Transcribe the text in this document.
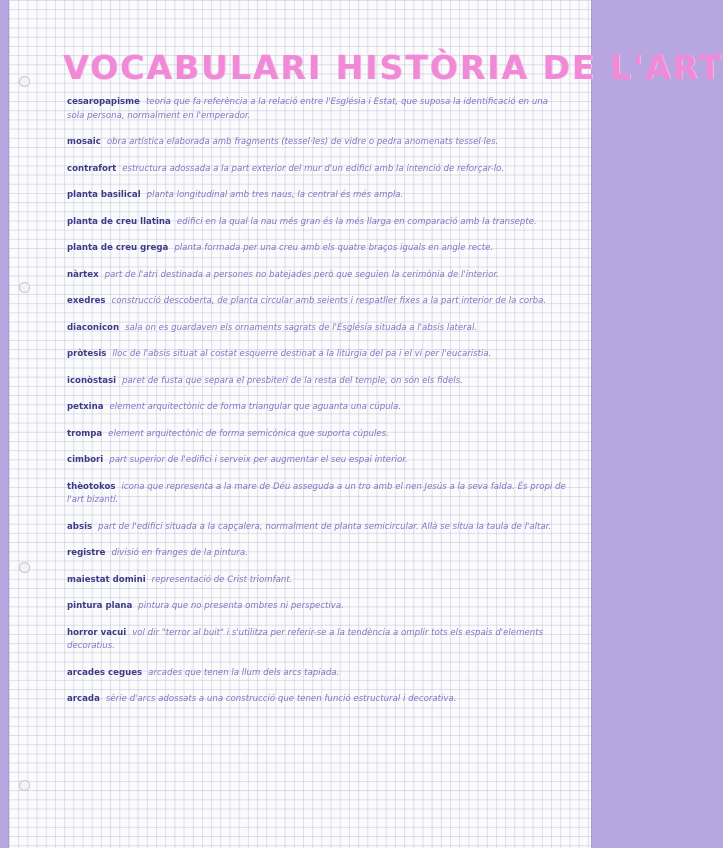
VOCABULARI HISTÒRIA DE L'ART
cesaropapisme teoria que fa referència a la relació entre l'Església i Estat, que suposa la identificació en una sola persona, normalment en l'emperador.
mosaic obra artística elaborada amb fragments (tessel·les) de vidre o pedra anomenats tessel·les.
contrafort estructura adossada a la part exterior del mur d'un edifici amb la intenció de reforçar-lo.
planta basilical planta longitudinal amb tres naus, la central és més ampla.
planta de creu llatina edifici en la qual la nau més gran és la més llarga en comparació amb la transepte.
planta de creu grega planta formada per una creu amb els quatre braços iguals en angle recte.
nàrtex part de l'atri destinada a persones no batejades però que seguien la cerimònia de l'interior.
exedres construcció descoberta, de planta circular amb seients i respatller fixes a la part interior de la corba.
diaconicon sala on es guardaven els ornaments sagrats de l'Església situada a l'absis lateral.
pròtesis lloc de l'absis situat al costat esquerre destinat a la litúrgia del pa i el vi per l'eucaristia.
iconòstasi paret de fusta que separa el presbiteri de la resta del temple, on són els fidels.
petxina element arquitectònic de forma triangular que aguanta una cúpula.
trompa element arquitectònic de forma semicònica que suporta cúpules.
cimbori part superior de l'edifici i serveix per augmentar el seu espai interior.
thèotokos icona que representa a la mare de Déu asseguda a un tro amb el nen Jesús a la seva falda. És propi de l'art bizantí.
absis part de l'edifici situada a la capçalera, normalment de planta semicircular. Allà se situa la taula de l'altar.
registre divisió en franges de la pintura.
maiestat domini representació de Crist triomfant.
pintura plana pintura que no presenta ombres ni perspectiva.
horror vacui vol dir "terror al buit" i s'utilitza per referir-se a la tendència a omplir tots els espais d'elements decoratius.
arcades cegues arcades que tenen la llum dels arcs tapiada.
arcada sèrie d'arcs adossats a una construcció que tenen funció estructural i decorativa.
